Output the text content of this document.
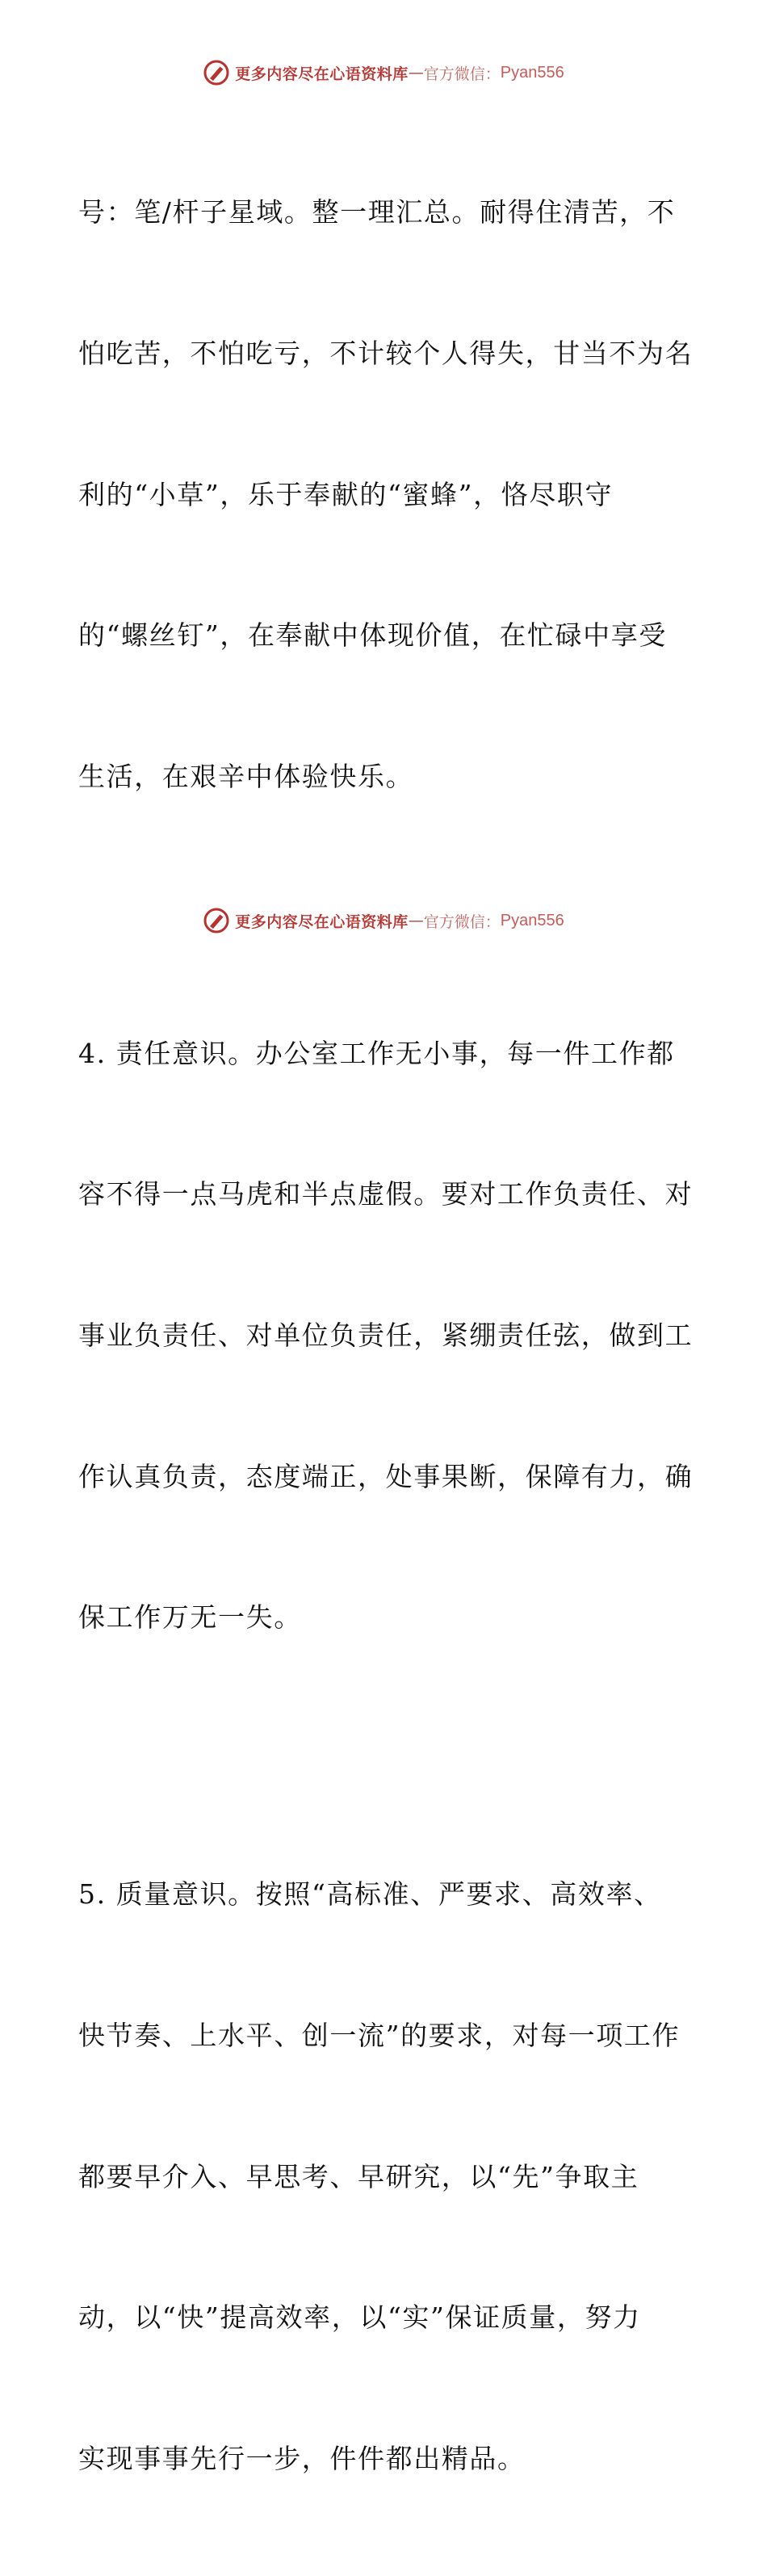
更多内容尽在心语资料库 — 官方微信： Pyan556

号：笔/杆子星域。整一理汇总。耐得住清苦，不

怕吃苦，不怕吃亏，不计较个人得失，甘当不为名

利的“小草”，乐于奉献的“蜜蜂”，恪尽职守

的“螺丝钉”，在奉献中体现价值，在忙碌中享受

生活，在艰辛中体验快乐。

4. 责任意识。办公室工作无小事，每一件工作都

容不得一点马虎和半点虚假。要对工作负责任、对

事业负责任、对单位负责任，紧绷责任弦，做到工

作认真负责，态度端正，处事果断，保障有力，确

保工作万无一失。

5. 质量意识。按照“高标准、严要求、高效率、

快节奏、上水平、创一流”的要求，对每一项工作

都要早介入、早思考、早研究，以“先”争取主

动，以“快”提高效率，以“实”保证质量，努力

实现事事先行一步，件件都出精品。

更多内容尽在心语资料库 — 官方微信： Pyan556
